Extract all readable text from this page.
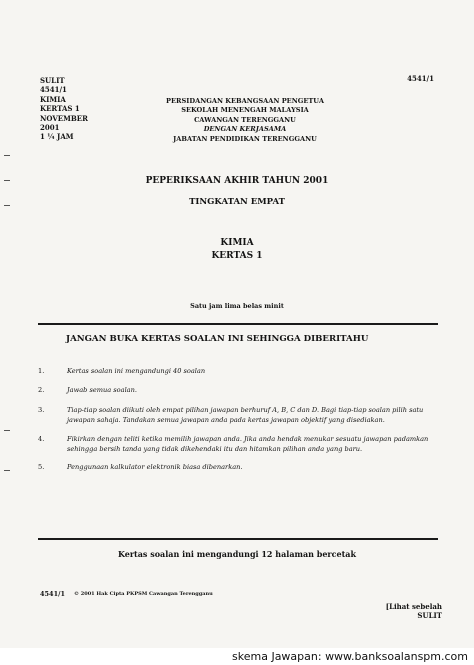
SULIT
4541/1
KIMIA
KERTAS 1
NOVEMBER
2001
1 ¼ JAM
4541/1
PERSIDANGAN KEBANGSAAN PENGETUA
SEKOLAH MENENGAH MALAYSIA
CAWANGAN TERENGGANU
DENGAN KERJASAMA
JABATAN PENDIDIKAN TERENGGANU
PEPERIKSAAN AKHIR TAHUN 2001
TINGKATAN EMPAT
KIMIA
KERTAS 1
Satu jam lima belas minit
JANGAN BUKA KERTAS SOALAN INI SEHINGGA DIBERITAHU
1.	Kertas soalan ini mengandungi 40 soalan
2.	Jawab semua soalan.
3.	Tiap-tiap soalan diikuti oleh empat pilihan jawapan berhuruf A, B, C dan D. Bagi tiap-tiap soalan pilih satu jawapan sahaja. Tandakan semua jawapan anda pada kertas jawapan objektif yang disediakan.
4.	Fikirkan dengan teliti ketika memilih jawapan anda. Jika anda hendak menukar sesuatu jawapan padamkan sehingga bersih tanda yang tidak dikehendaki itu dan hitamkan pilihan anda yang baru.
5.	Penggunaan kalkulator elektronik biasa dibenarkan.
Kertas soalan ini mengandungi 12 halaman bercetak
4541/1 © 2001 Hak Cipta PKPSM Cawangan Terengganu
[Lihat sebelah
SULIT
skema Jawapan: www.banksoalanspm.com
